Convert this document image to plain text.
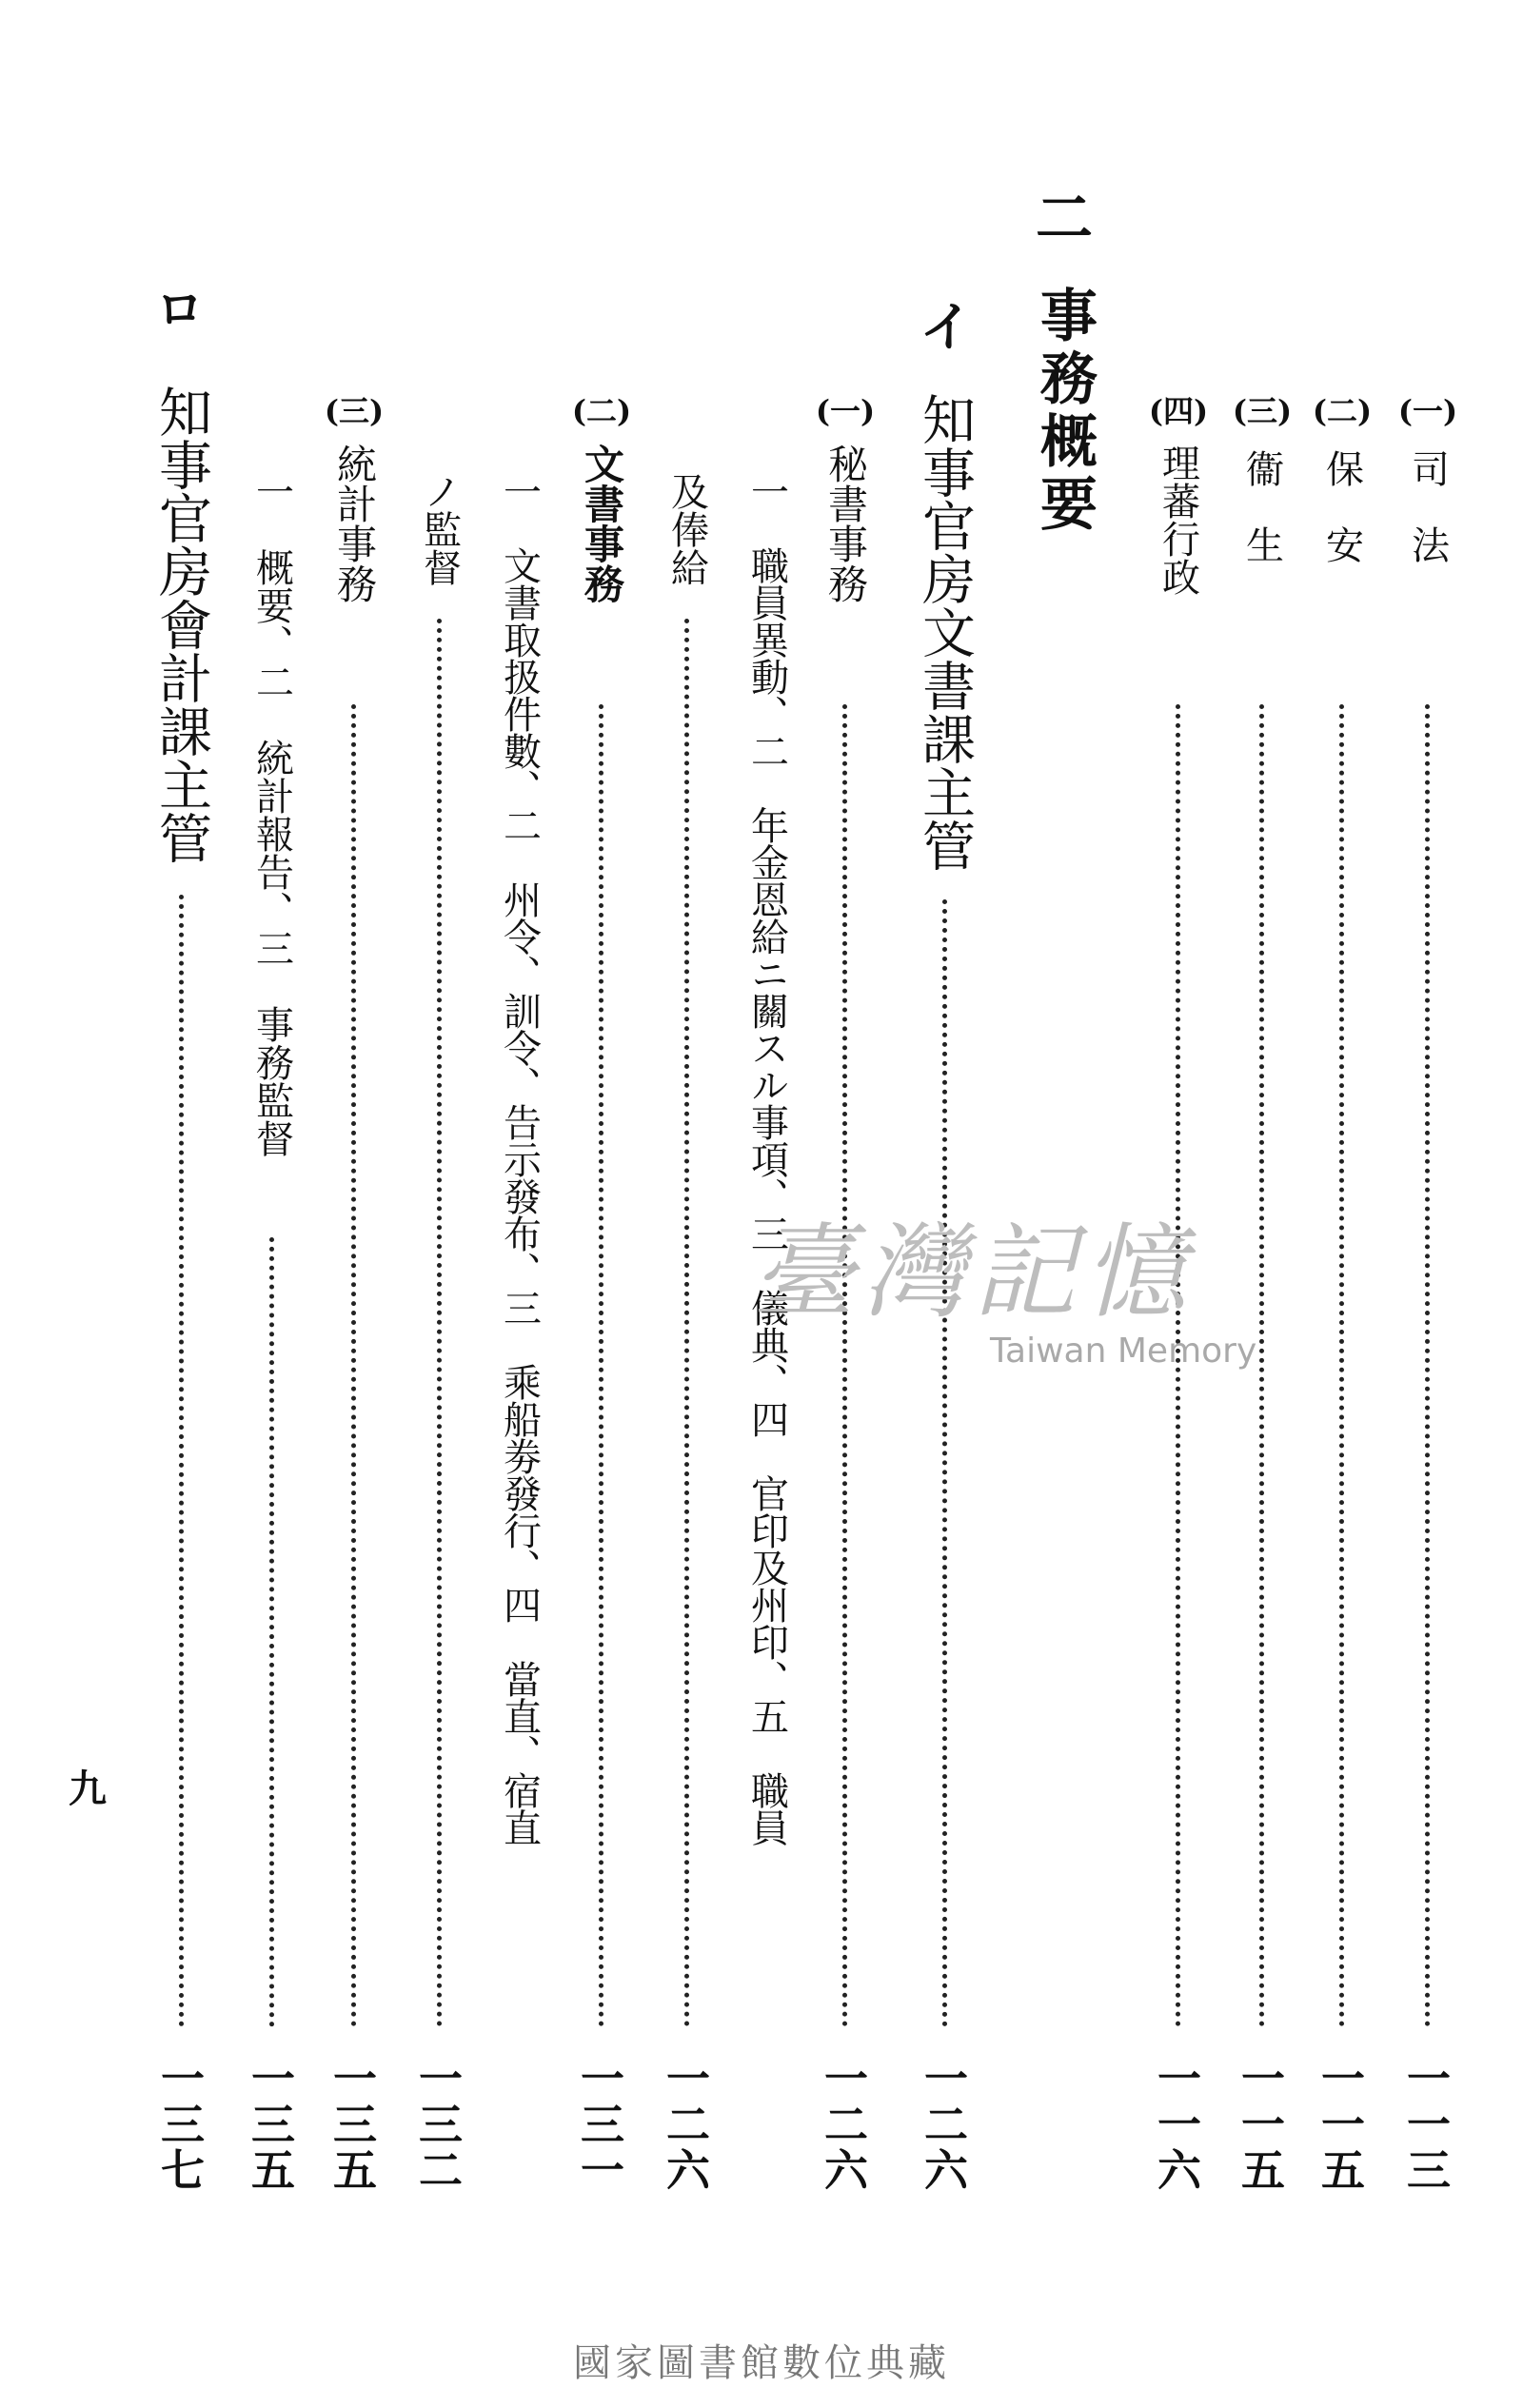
二
事務概要	(一)
司　法
一一三
(二)
保　安
一一五
(三)
衞　生
一一五
(四)
理蕃行政
一一六
イ
知事官房文書課主管
一二六
(一)
秘書事務
一二六
一　職員異動、二　年金恩給ニ關スル事項、三　儀典、四　官印及州印、五　職員
及俸給
一二六
(二)
文書事務
一三一
一　文書取扱件數、二　州令、訓令、告示發布、三　乘船劵發行、四　當直、宿直
ノ監督
一三二
(三)
統計事務
一三五
一　概要、二　統計報告、三　事務監督
一三五
ロ
知事官房會計課主管
一三七
九
臺灣記憶
Taiwan Memory
國家圖書館數位典藏
